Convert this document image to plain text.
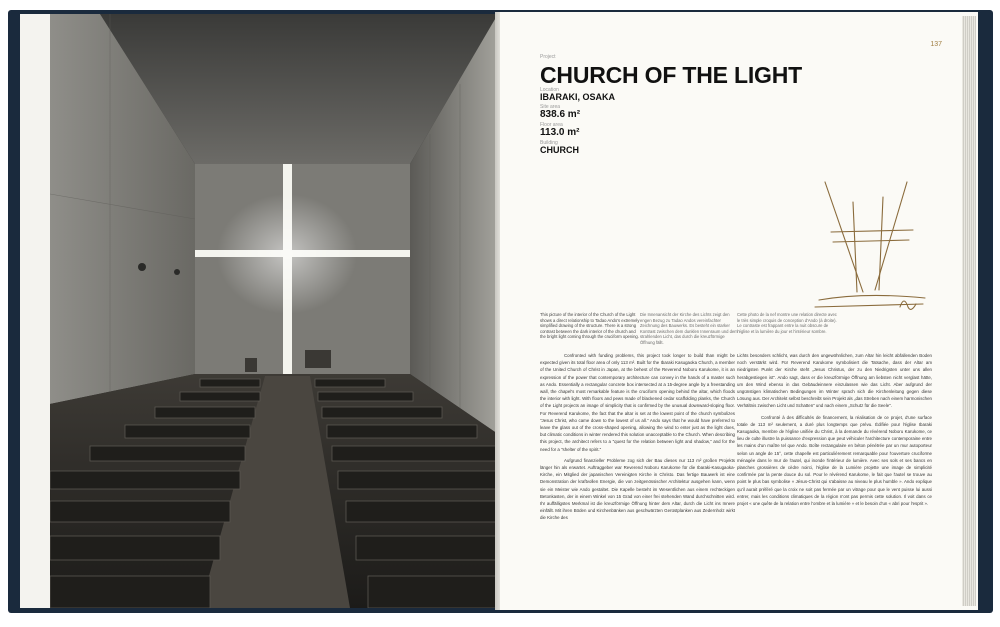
137
Project
CHURCH OF THE LIGHT
Location
IBARAKI, OSAKA
Site area
838.6 m²
Floor area
113.0 m²
Building
CHURCH
This picture of the interior of the Church of the Light shows a direct relationship to Tadao Ando's extremely simplified drawing of the structure. There is a strong contrast between the dark interior of the church and the bright light coming through the cruciform opening.
Die Innenansicht der Kirche des Lichts zeigt den engen Bezug zu Tadao Andos vereinfachter Zeichnung des Bauwerks. Es besteht ein starker Kontrast zwischen dem dunklen Innenraum und dem strahlenden Licht, das durch die kreuzförmige Öffnung fällt.
Cette photo de la nef montre une relation directe avec le très simple croquis de conception d'Ando (à droite). Le contraste est frappant entre la nuit obscure de l'église et la lumière du jour et l'intérieur sombre.

Confronted with funding problems, this project took longer to build than might be expected given its total floor area of only 113 m². Built for the Ibaraki Kasugaoka Church, a member of the United Church of Christ in Japan, at the behest of the Reverend Noboru Karukome, it is an expression of the power that contemporary architecture can convey in the hands of a master such as Ando. Essentially a rectangular concrete box intersected at a 15-degree angle by a freestanding wall, the chapel's most remarkable feature is the cruciform opening behind the altar, which floods the interior with light. With floors and pews made of blackened cedar scaffolding planks, the Church of the Light projects an image of simplicity that is confirmed by the unusual downward-sloping floor. For Reverend Karukome, the fact that the altar is set at the lowest point of the church symbolizes "Jesus Christ, who came down to the lowest of us all." Ando says that he would have preferred to leave the glass out of the cross-shaped opening, allowing the wind to enter just as the light does, but climatic conditions in winter rendered this solution unacceptable to the Church. When describing this project, the architect refers to a "quest for the relation between light and shadow," and for the need for a "shelter of the spirit."

Aufgrund finanzieller Probleme zog sich der Bau dieses nur 113 m² großen Projekts länger hin als erwartet. Auftraggeber war Reverend Noboru Karukome für die Ibaraki-Kasugaoka-Kirche, ein Mitglied der japanischen Vereinigten Kirche in Christo. Das fertige Bauwerk ist eine Demonstration der kraftvollen Energie, die von zeitgenössischer Architektur ausgehen kann, wenn sie ein Meister wie Ando gestaltet. Die Kapelle besteht im Wesentlichen aus einem rechteckigen Betonkasten, der in einem Winkel von 15 Grad von einer frei stehenden Wand durchschnitten wird. Ihr auffälligstes Merkmal ist die kreuzförmige Öffnung hinter dem Altar, durch die Licht ins Innere einfällt. Mit ihren Böden und Kirchenbänken aus geschwärzten Gerüstplanken aus Zedernholz wirkt die Kirche des

Lichts besonders schlicht, was durch den ungewöhnlichen, zum Altar hin leicht abfallenden Boden noch verstärkt wird. Für Reverend Karukome symbolisiert die Tatsache, dass der Altar am niedrigsten Punkt der Kirche steht „Jesus Christus, der zu den Niedrigsten unter uns allen herabgestiegen ist". Ando sagt, dass er die kreuzförmige Öffnung am liebsten nicht verglast hätte, um den Wind ebenso in das Gebäudeinnere einzulassen wie das Licht. Aber aufgrund der ungünstigen klimatischen Bedingungen im Winter sprach sich die Kirchenleitung gegen diese Lösung aus. Der Architekt selbst beschreibt sein Projekt als „das Streben nach einem harmonischen Verhältnis zwischen Licht und Schatten" und nach einem „Schutz für die Seele".

Confronté à des difficultés de financement, la réalisation de ce projet, d'une surface totale de 113 m² seulement, a duré plus longtemps que prévu. Édifiée pour l'église Ibaraki Kasugaoka, membre de l'église unifiée du Christ, à la demande du révérend Noboru Karukome, ce lieu de culte illustre la puissance d'expression que peut véhiculer l'architecture contemporaine entre les mains d'un maître tel que Ando. Boîte rectangulaire en béton pénétrée par un mur autoporteur selon un angle de 15°, cette chapelle est particulièrement remarquable pour l'ouverture cruciforme ménagée dans le mur de l'autel, qui inonde l'intérieur de lumière. Avec ses sols et ses bancs en planches grossières de cèdre noirci, l'église de la Lumière projette une image de simplicité confirmée par la pente douce du sol. Pour le révérend Karukome, le fait que l'autel se trouve au point le plus bas symbolise « Jésus-Christ qui s'abaisse au niveau le plus humble ». Ando explique qu'il aurait préféré que la croix ne soit pas fermée par un vitrage pour que le vent puisse lui aussi entrer, mais les conditions climatiques de la région n'ont pas permis cette solution. Il voit dans ce projet « une quête de la relation entre l'ombre et la lumière » et le besoin d'un « abri pour l'esprit ».
